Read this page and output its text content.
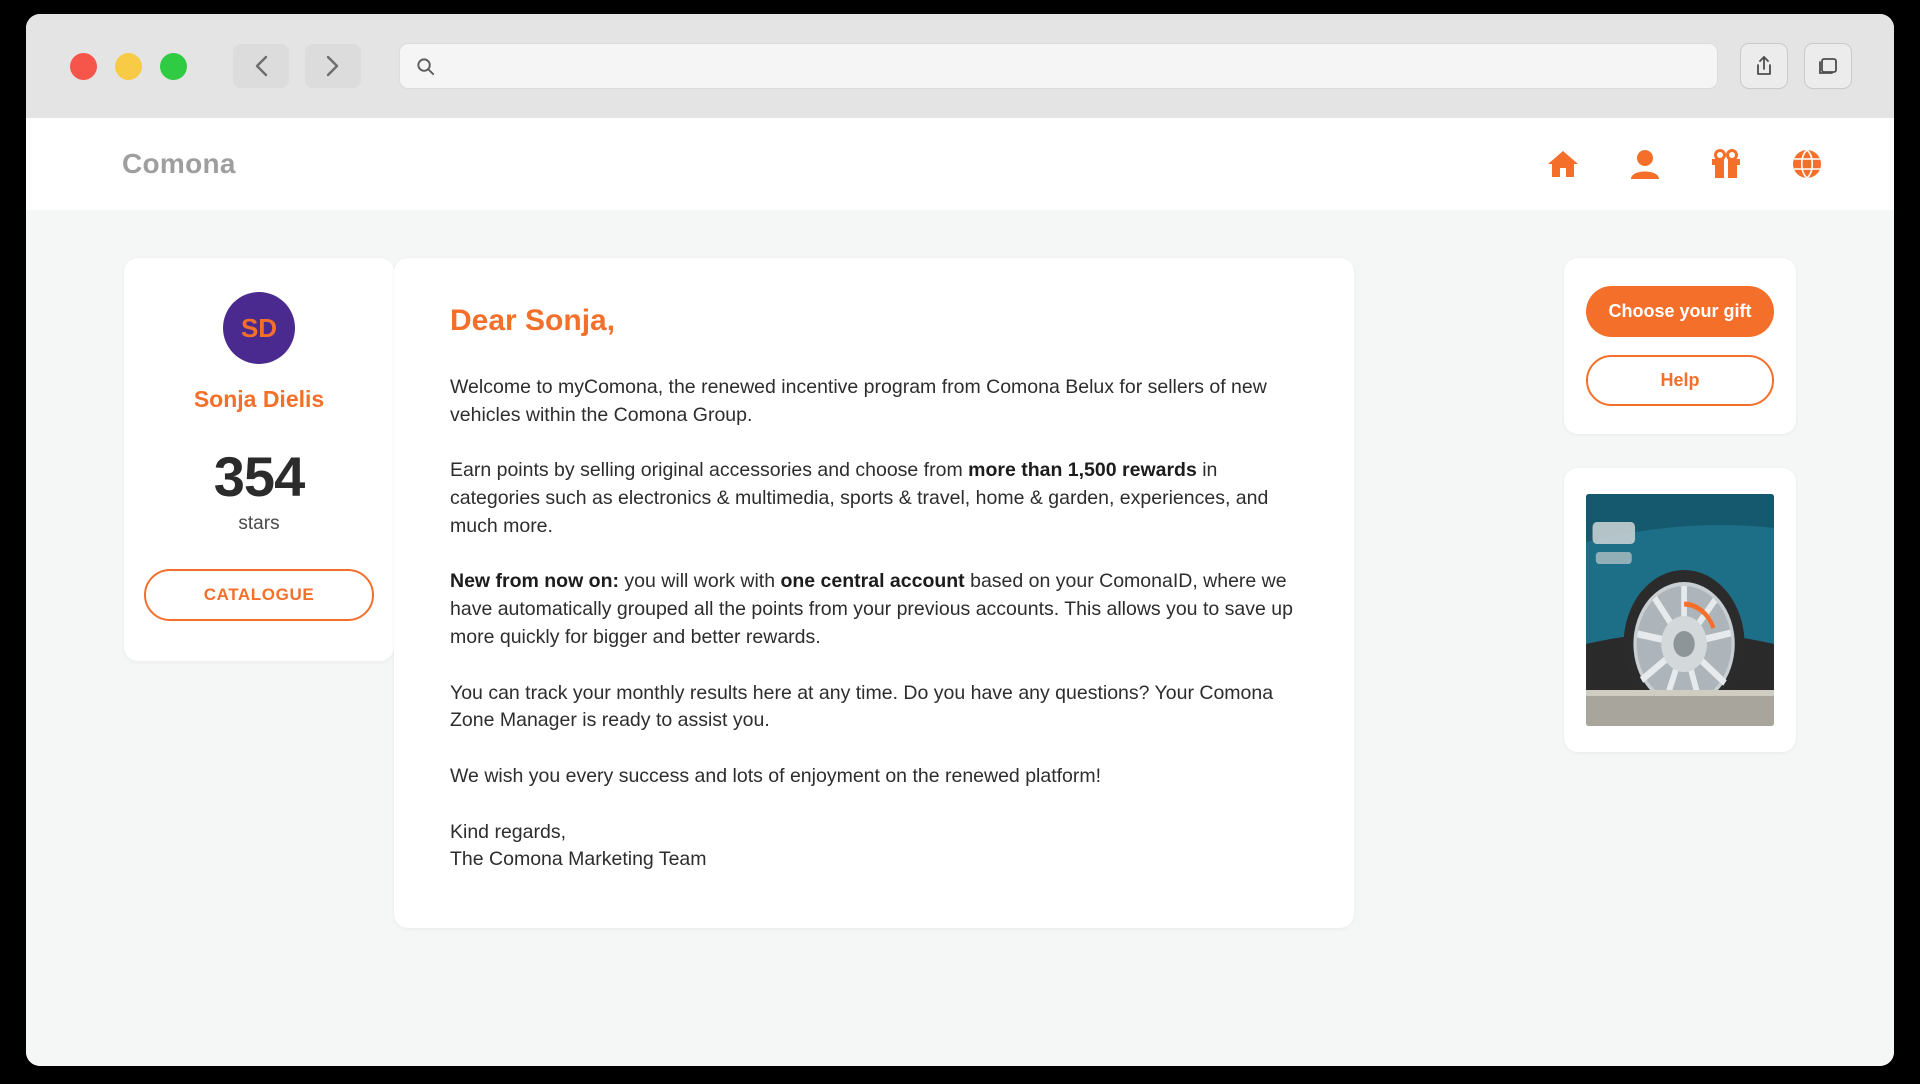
Comona
SD
Sonja Dielis
354
stars
CATALOGUE
Dear Sonja,

Welcome to myComona, the renewed incentive program from Comona Belux for sellers of new vehicles within the Comona Group.

Earn points by selling original accessories and choose from more than 1,500 rewards in categories such as electronics & multimedia, sports & travel, home & garden, experiences, and much more.

New from now on: you will work with one central account based on your ComonaID, where we have automatically grouped all the points from your previous accounts. This allows you to save up more quickly for bigger and better rewards.

You can track your monthly results here at any time. Do you have any questions? Your Comona Zone Manager is ready to assist you.

We wish you every success and lots of enjoyment on the renewed platform!

Kind regards,
The Comona Marketing Team

Choose your gift
Help
